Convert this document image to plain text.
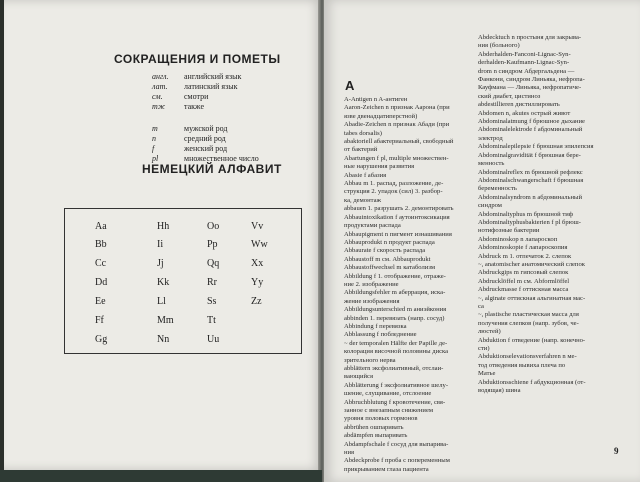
СОКРАЩЕНИЯ И ПОМЕТЫ
англ.	английский язык
лат.	латинский язык
см.	смотри
тж	также
m	мужской род
n	средний род
f	женский род
pl	множественное число
НЕМЕЦКИЙ АЛФАВИТ
Aa	Hh	Oo	Vv
Bb	Ii	Pp	Ww
Cc	Jj	Qq	Xx
Dd	Kk	Rr	Yy
Ee	Ll	Ss	Zz
Ff	Mm	Tt
Gg	Nn	Uu
A

A-Antigen n A-антиген

Aaron-Zeichen n признак Аарона (при

язве двенадцатиперстной)

Abadie-Zeichen n признак Абади (при

tabes dorsalis)

abaktoriell абактериальный, свободный

от бактерий

Abartungen f pl, multiple множествен-

ные нарушения развития

Abasie f абазия

Abbau m 1. распад, разложение, де-

струкция 2. упадок (сил) 3. разбор-

ка, демонтаж

abbauen 1. разрушать 2. демонтировать

Abbauintoxikation f аутоинтоксикация

продуктами распада

Abbaupigment n пигмент изнашивания

Abbauprodukt n продукт распада

Abbaurate f скорость распада

Abbaustoff m см. Abbauprodukt

Abbaustoffwechsel m катаболизм

Abbildung f 1. отображение, отраже-

ние 2. изображение

Abbildungsfehler m аберрация, иска-

жение изображения

Abbildungsunterschied m аниэйкония

abbinden 1. перевязать (напр. сосуд)

Abbindung f перевязка

Abblassung f побледнение

~ der temporalen Hälfte der Papille де-

колорация височной половины диска

зрительного нерва

abblättern эксфолиативный, отслаи-

вающийся

Abblätterung f эксфолиативное шелу-

шение, слущивание, отслоение

Abbruchblutung f кровотечение, свя-

занное с внезапным снижением

уровня половых гормонов

abbrühen ошпаривать

abdämpfen выпаривать

Abdampfschale f сосуд для выпарива-

ния

Abdeckprobe f проба с попеременным

прикрыванием глаза пациента

Abdecktuch n простыня для закрыва-

ния (больного)

Abderhalden-Fanconi-Lignac-Syn-

derhalden-Kaufmann-Lignac-Syn-

drom n синдром Абдергальдена —

Фанкони, синдром Линьяка, нефропа-

Кауфмана — Линьяка, нефропатиче-

ский диабет, цистиноз

abdestillieren дистиллировать

Abdomen n, akutes острый живот

Abdominalatmung f брюшное дыхание

Abdominalelektrode f абдоминальный

электрод

Abdominalepilepsie f брюшная эпилепсия

Abdominalgravidität f брюшная бере-

менность

Abdominalreflex m брюшной рефлекс

Abdominalschwangerschaft f брюшная

беременность

Abdominalsyndrom n абдоминальный

синдром

Abdominaltyphus m брюшной тиф

Abdominaltyphusbakterien f pl брюш-

нотифозные бактерии

Abdominoskop n лапароскоп

Abdominoskopie f лапароскопия

Abdruck m 1. отпечаток 2. слепок

~, anatomischer анатомический слепок

Abdruckgips m гипсовый слепок

Abdrucklöffel m см. Abformlöffel

Abdruckmasse f оттискная масса

~, alginate оттискная альгинатная мас-

са

~, plastische пластическая масса для

получения слепков (напр. зубов, че-

люстей)

Abduktion f отведение (напр. конечно-

сти)

Abduktionselevationsverfahren n ме-

тод отведения вывиха плеча по

Матье

Abduktionsschiene f абдукционная (от-

водящая) шина

9
